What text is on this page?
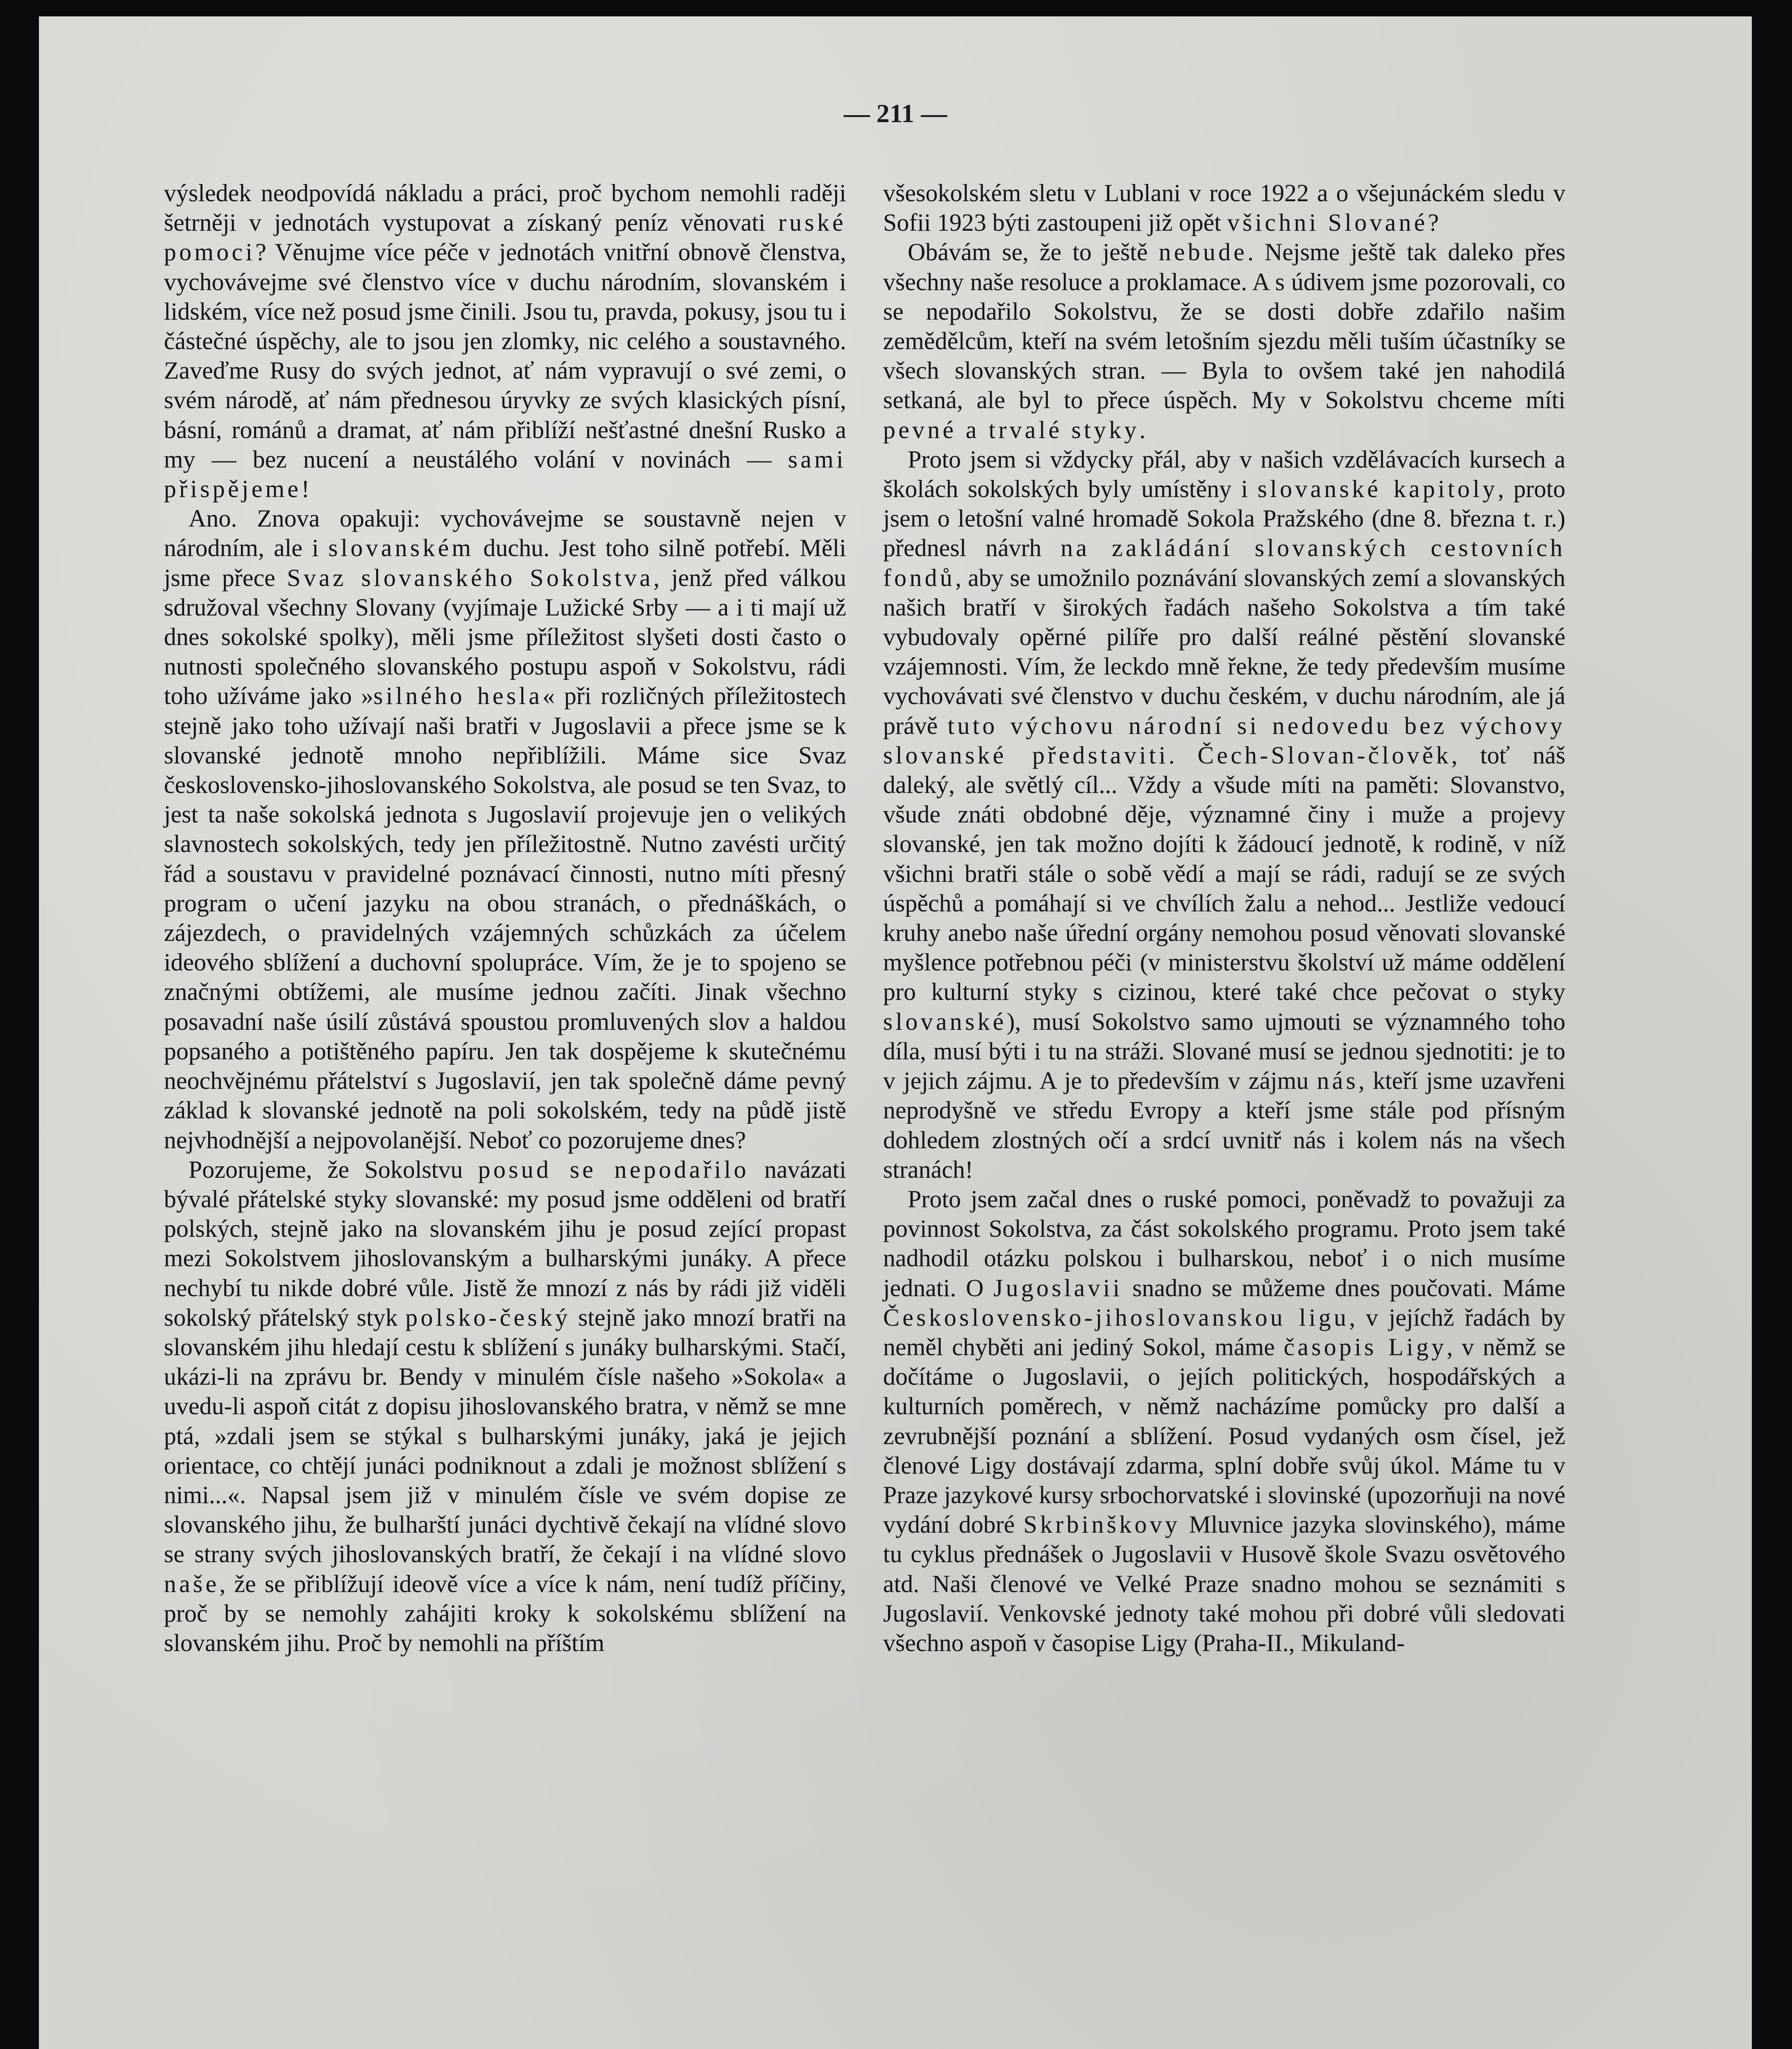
— 211 —

výsledek neodpovídá nákladu a práci, proč bychom nemohli raději šetrněji v jednotách vystupovat a získaný peníz věnovati ruské pomoci? Věnujme více péče v jednotách vnitřní obnově členstva, vychovávejme své členstvo více v duchu národním, slovanském i lidském, více než posud jsme činili. Jsou tu, pravda, pokusy, jsou tu i částečné úspěchy, ale to jsou jen zlomky, nic celého a soustavného. Zaveďme Rusy do svých jednot, ať nám vypravují o své zemi, o svém národě, ať nám přednesou úryvky ze svých klasických písní, básní, románů a dramat, ať nám přiblíží nešťastné dnešní Rusko a my — bez nucení a neustálého volání v novinách — sami přispějeme!

Ano. Znova opakuji: vychovávejme se soustavně nejen v národním, ale i slovanském duchu. Jest toho silně potřebí. Měli jsme přece Svaz slovanského Sokolstva, jenž před válkou sdružoval všechny Slovany (vyjímaje Lužické Srby — a i ti mají už dnes sokolské spolky), měli jsme příležitost slyšeti dosti často o nutnosti společného slovanského postupu aspoň v Sokolstvu, rádi toho užíváme jako »silného hesla« při rozličných příležitostech stejně jako toho užívají naši bratři v Jugoslavii a přece jsme se k slovanské jednotě mnoho nepřiblížili. Máme sice Svaz československo-jihoslovanského Sokolstva, ale posud se ten Svaz, to jest ta naše sokolská jednota s Jugoslavií projevuje jen o velikých slavnostech sokolských, tedy jen příležitostně. Nutno zavésti určitý řád a soustavu v pravidelné poznávací činnosti, nutno míti přesný program o učení jazyku na obou stranách, o přednáškách, o zájezdech, o pravidelných vzájemných schůzkách za účelem ideového sblížení a duchovní spolupráce. Vím, že je to spojeno se značnými obtížemi, ale musíme jednou začíti. Jinak všechno posavadní naše úsilí zůstává spoustou promluvených slov a haldou popsaného a potištěného papíru. Jen tak dospějeme k skutečnému neochvějnému přátelství s Jugoslavií, jen tak společně dáme pevný základ k slovanské jednotě na poli sokolském, tedy na půdě jistě nejvhodnější a nejpovolanější. Neboť co pozorujeme dnes?

Pozorujeme, že Sokolstvu posud se nepodařilo navázati bývalé přátelské styky slovanské: my posud jsme odděleni od bratří polských, stejně jako na slovanském jihu je posud zející propast mezi Sokolstvem jihoslovanským a bulharskými junáky. A přece nechybí tu nikde dobré vůle. Jistě že mnozí z nás by rádi již viděli sokolský přátelský styk polsko-český stejně jako mnozí bratři na slovanském jihu hledají cestu k sblížení s junáky bulharskými. Stačí, ukázi-li na zprávu br. Bendy v minulém čísle našeho »Sokola« a uvedu-li aspoň citát z dopisu jihoslovanského bratra, v němž se mne ptá, »zdali jsem se stýkal s bulharskými junáky, jaká je jejich orientace, co chtějí junáci podniknout a zdali je možnost sblížení s nimi...«. Napsal jsem již v minulém čísle ve svém dopise ze slovanského jihu, že bulharští junáci dychtivě čekají na vlídné slovo se strany svých jihoslovanských bratří, že čekají i na vlídné slovo naše, že se přiblížují ideově více a více k nám, není tudíž příčiny, proč by se nemohly zahájiti kroky k sokolskému sblížení na slovanském jihu. Proč by nemohli na příštím

všesokolském sletu v Lublani v roce 1922 a o všejunáckém sledu v Sofii 1923 býti zastoupeni již opět všichni Slované?

Obávám se, že to ještě nebude. Nejsme ještě tak daleko přes všechny naše resoluce a proklamace. A s údivem jsme pozorovali, co se nepodařilo Sokolstvu, že se dosti dobře zdařilo našim zemědělcům, kteří na svém letošním sjezdu měli tuším účastníky se všech slovanských stran. — Byla to ovšem také jen nahodilá setkaná, ale byl to přece úspěch. My v Sokolstvu chceme míti pevné a trvalé styky.

Proto jsem si vždycky přál, aby v našich vzdělávacích kursech a školách sokolských byly umístěny i slovanské kapitoly, proto jsem o letošní valné hromadě Sokola Pražského (dne 8. března t. r.) přednesl návrh na zakládání slovanských cestovních fondů, aby se umožnilo poznávání slovanských zemí a slovanských našich bratří v širokých řadách našeho Sokolstva a tím také vybudovaly opěrné pilíře pro další reálné pěstění slovanské vzájemnosti. Vím, že leckdo mně řekne, že tedy především musíme vychovávati své členstvo v duchu českém, v duchu národním, ale já právě tuto výchovu národní si nedovedu bez výchovy slovanské představiti. Čech-Slovan-člověk, toť náš daleký, ale světlý cíl... Vždy a všude míti na paměti: Slovanstvo, všude znáti obdobné děje, významné činy i muže a projevy slovanské, jen tak možno dojíti k žádoucí jednotě, k rodině, v níž všichni bratři stále o sobě vědí a mají se rádi, radují se ze svých úspěchů a pomáhají si ve chvílích žalu a nehod... Jestliže vedoucí kruhy anebo naše úřední orgány nemohou posud věnovati slovanské myšlence potřebnou péči (v ministerstvu školství už máme oddělení pro kulturní styky s cizinou, které také chce pečovat o styky slovanské), musí Sokolstvo samo ujmouti se významného toho díla, musí býti i tu na stráži. Slované musí se jednou sjednotiti: je to v jejich zájmu. A je to především v zájmu nás, kteří jsme uzavřeni neprodyšně ve středu Evropy a kteří jsme stále pod přísným dohledem zlostných očí a srdcí uvnitř nás i kolem nás na všech stranách!

Proto jsem začal dnes o ruské pomoci, poněvadž to považuji za povinnost Sokolstva, za část sokolského programu. Proto jsem také nadhodil otázku polskou i bulharskou, neboť i o nich musíme jednati. O Jugoslavii snadno se můžeme dnes poučovati. Máme Československo-jihoslovanskou ligu, v jejíchž řadách by neměl chyběti ani jediný Sokol, máme časopis Ligy, v němž se dočítáme o Jugoslavii, o jejích politických, hospodářských a kulturních poměrech, v němž nacházíme pomůcky pro další a zevrubnější poznání a sblížení. Posud vydaných osm čísel, jež členové Ligy dostávají zdarma, splní dobře svůj úkol. Máme tu v Praze jazykové kursy srbochorvatské i slovinské (upozorňuji na nové vydání dobré Skrbinškovy Mluvnice jazyka slovinského), máme tu cyklus přednášek o Jugoslavii v Husově škole Svazu osvětového atd. Naši členové ve Velké Praze snadno mohou se seznámiti s Jugoslavií. Venkovské jednoty také mohou při dobré vůli sledovati všechno aspoň v časopise Ligy (Praha-II., Mikuland-
